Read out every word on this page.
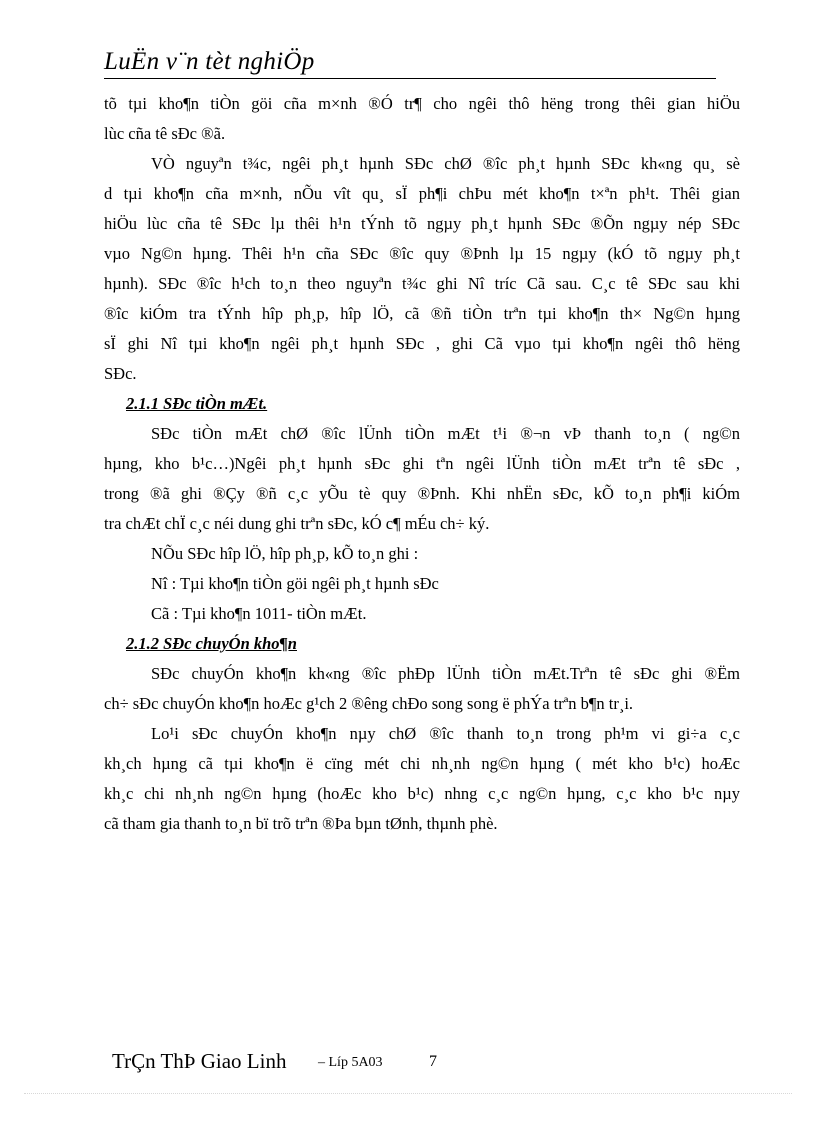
LuËn v¨n tèt nghiÖp
tõ tµi kho¶n tiÒn göi cña m×nh ®Ó tr¶ cho ngêi thô hëng trong thêi gian hiÖu
lùc cña tê sÐc ®ã.
VÒ nguyªn t¾c, ngêi ph¸t hµnh SÐc chØ ®îc ph¸t hµnh SÐc kh«ng qu¸ sè
d tµi kho¶n cña m×nh, nÕu vît qu¸ sÏ ph¶i chÞu mét kho¶n t×ªn ph¹t. Thêi gian
hiÖu lùc cña tê SÐc lµ thêi h¹n tÝnh tõ ngµy ph¸t hµnh SÐc ®Õn ngµy nép SÐc
vµo Ng©n hµng. Thêi h¹n cña SÐc ®îc quy ®Þnh lµ 15 ngµy (kÓ tõ ngµy ph¸t
hµnh). SÐc ®îc h¹ch to¸n theo nguyªn t¾c ghi Nî tríc Cã sau. C¸c tê SÐc sau khi
®îc kiÓm tra tÝnh hîp ph¸p, hîp lÖ, cã ®ñ tiÒn trªn tµi kho¶n th× Ng©n hµng
sÏ ghi Nî tµi kho¶n ngêi ph¸t hµnh SÐc , ghi Cã vµo tµi kho¶n ngêi thô hëng
SÐc.
2.1.1 SÐc tiÒn mÆt.
SÐc tiÒn mÆt chØ ®îc lÜnh tiÒn mÆt t¹i ®¬n vÞ thanh to¸n ( ng©n
hµng, kho b¹c…)Ngêi ph¸t hµnh sÐc ghi tªn ngêi lÜnh tiÒn mÆt trªn tê sÐc ,
trong ®ã ghi ®Çy ®ñ c¸c yÕu tè quy ®Þnh. Khi nhËn sÐc, kÕ to¸n ph¶i kiÓm
tra chÆt chÏ c¸c néi dung ghi trªn sÐc, kÓ c¶ mÉu ch÷ ký.
NÕu SÐc hîp lÖ, hîp ph¸p, kÕ to¸n ghi :
Nî : Tµi kho¶n tiÒn göi ngêi ph¸t hµnh sÐc
Cã : Tµi kho¶n 1011- tiÒn mÆt.
2.1.2 SÐc chuyÓn kho¶n
SÐc chuyÓn kho¶n kh«ng ®îc phÐp lÜnh tiÒn mÆt.Trªn tê sÐc ghi ®Ëm
ch÷ sÐc chuyÓn kho¶n hoÆc g¹ch 2 ®êng chÐo song song ë phÝa trªn b¶n tr¸i.
Lo¹i sÐc chuyÓn kho¶n nµy chØ ®îc thanh to¸n trong ph¹m vi gi÷a c¸c
kh¸ch hµng cã tµi kho¶n ë cïng mét chi nh¸nh ng©n hµng ( mét kho b¹c) hoÆc
kh¸c chi nh¸nh ng©n hµng (hoÆc kho b¹c) nhng c¸c ng©n hµng, c¸c kho b¹c nµy
cã tham gia thanh to¸n bï trõ trªn ®Þa bµn tØnh, thµnh phè.
TrÇn ThÞ Giao Linh – Líp 5A03	7
